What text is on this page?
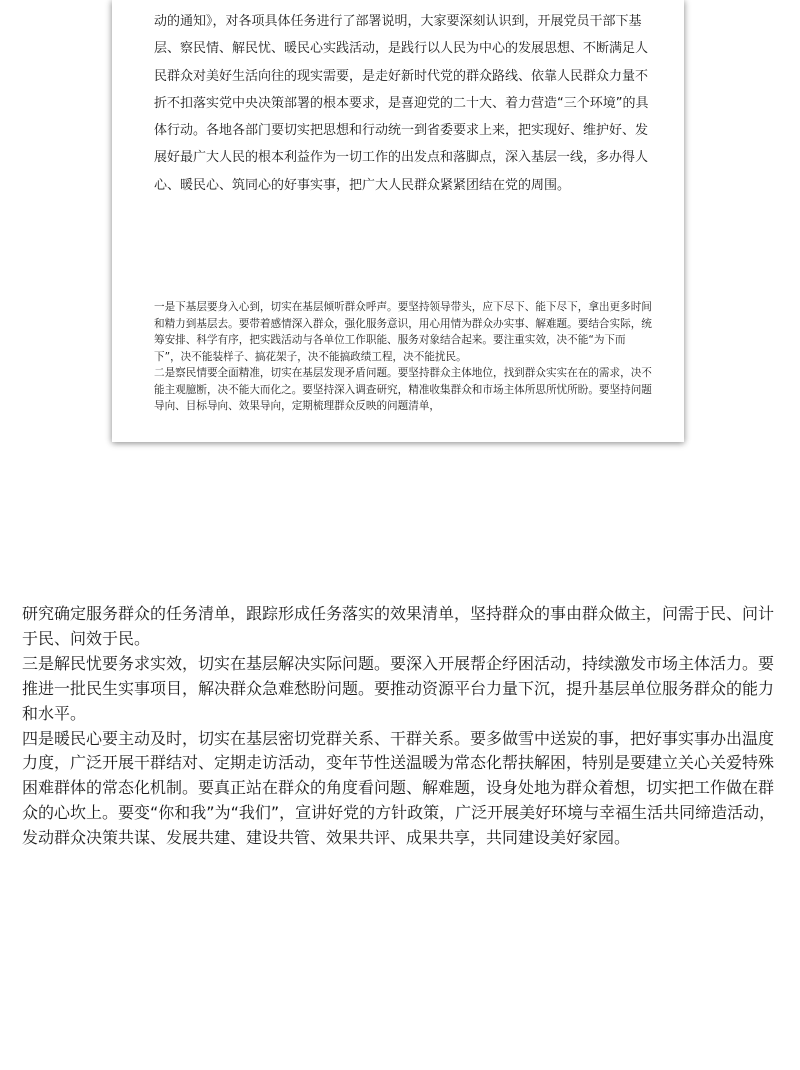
动的通知》，对各项具体任务进行了部署说明，大家要深刻认识到，开展党员干部下基层、察民情、解民忧、暖民心实践活动，是践行以人民为中心的发展思想、不断满足人民群众对美好生活向往的现实需要，是走好新时代党的群众路线、依靠人民群众力量不折不扣落实党中央决策部署的根本要求，是喜迎党的二十大、着力营造“三个环境”的具体行动。各地各部门要切实把思想和行动统一到省委要求上来，把实现好、维护好、发展好最广大人民的根本利益作为一切工作的出发点和落脚点，深入基层一线，多办得人心、暖民心、筑同心的好事实事，把广大人民群众紧紧团结在党的周围。

一是下基层要身入心到，切实在基层倾听群众呼声。要坚持领导带头，应下尽下、能下尽下，拿出更多时间和精力到基层去。要带着感情深入群众，强化服务意识，用心用情为群众办实事、解难题。要结合实际，统筹安排、科学有序，把实践活动与各单位工作职能、服务对象结合起来。要注重实效，决不能“为下而下”，决不能装样子、搞花架子，决不能搞政绩工程，决不能扰民。

二是察民情要全面精准，切实在基层发现矛盾问题。要坚持群众主体地位，找到群众实实在在的需求，决不能主观臆断，决不能大而化之。要坚持深入调查研究，精准收集群众和市场主体所思所忧所盼。要坚持问题导向、目标导向、效果导向，定期梳理群众反映的问题清单，

研究确定服务群众的任务清单，跟踪形成任务落实的效果清单，坚持群众的事由群众做主，问需于民、问计于民、问效于民。

三是解民忧要务求实效，切实在基层解决实际问题。要深入开展帮企纾困活动，持续激发市场主体活力。要推进一批民生实事项目，解决群众急难愁盼问题。要推动资源平台力量下沉，提升基层单位服务群众的能力和水平。

四是暖民心要主动及时，切实在基层密切党群关系、干群关系。要多做雪中送炭的事，把好事实事办出温度力度，广泛开展干群结对、定期走访活动，变年节性送温暖为常态化帮扶解困，特别是要建立关心关爱特殊困难群体的常态化机制。要真正站在群众的角度看问题、解难题，设身处地为群众着想，切实把工作做在群众的心坎上。要变“你和我”为“我们”，宣讲好党的方针政策，广泛开展美好环境与幸福生活共同缔造活动，发动群众决策共谋、发展共建、建设共管、效果共评、成果共享，共同建设美好家园。
